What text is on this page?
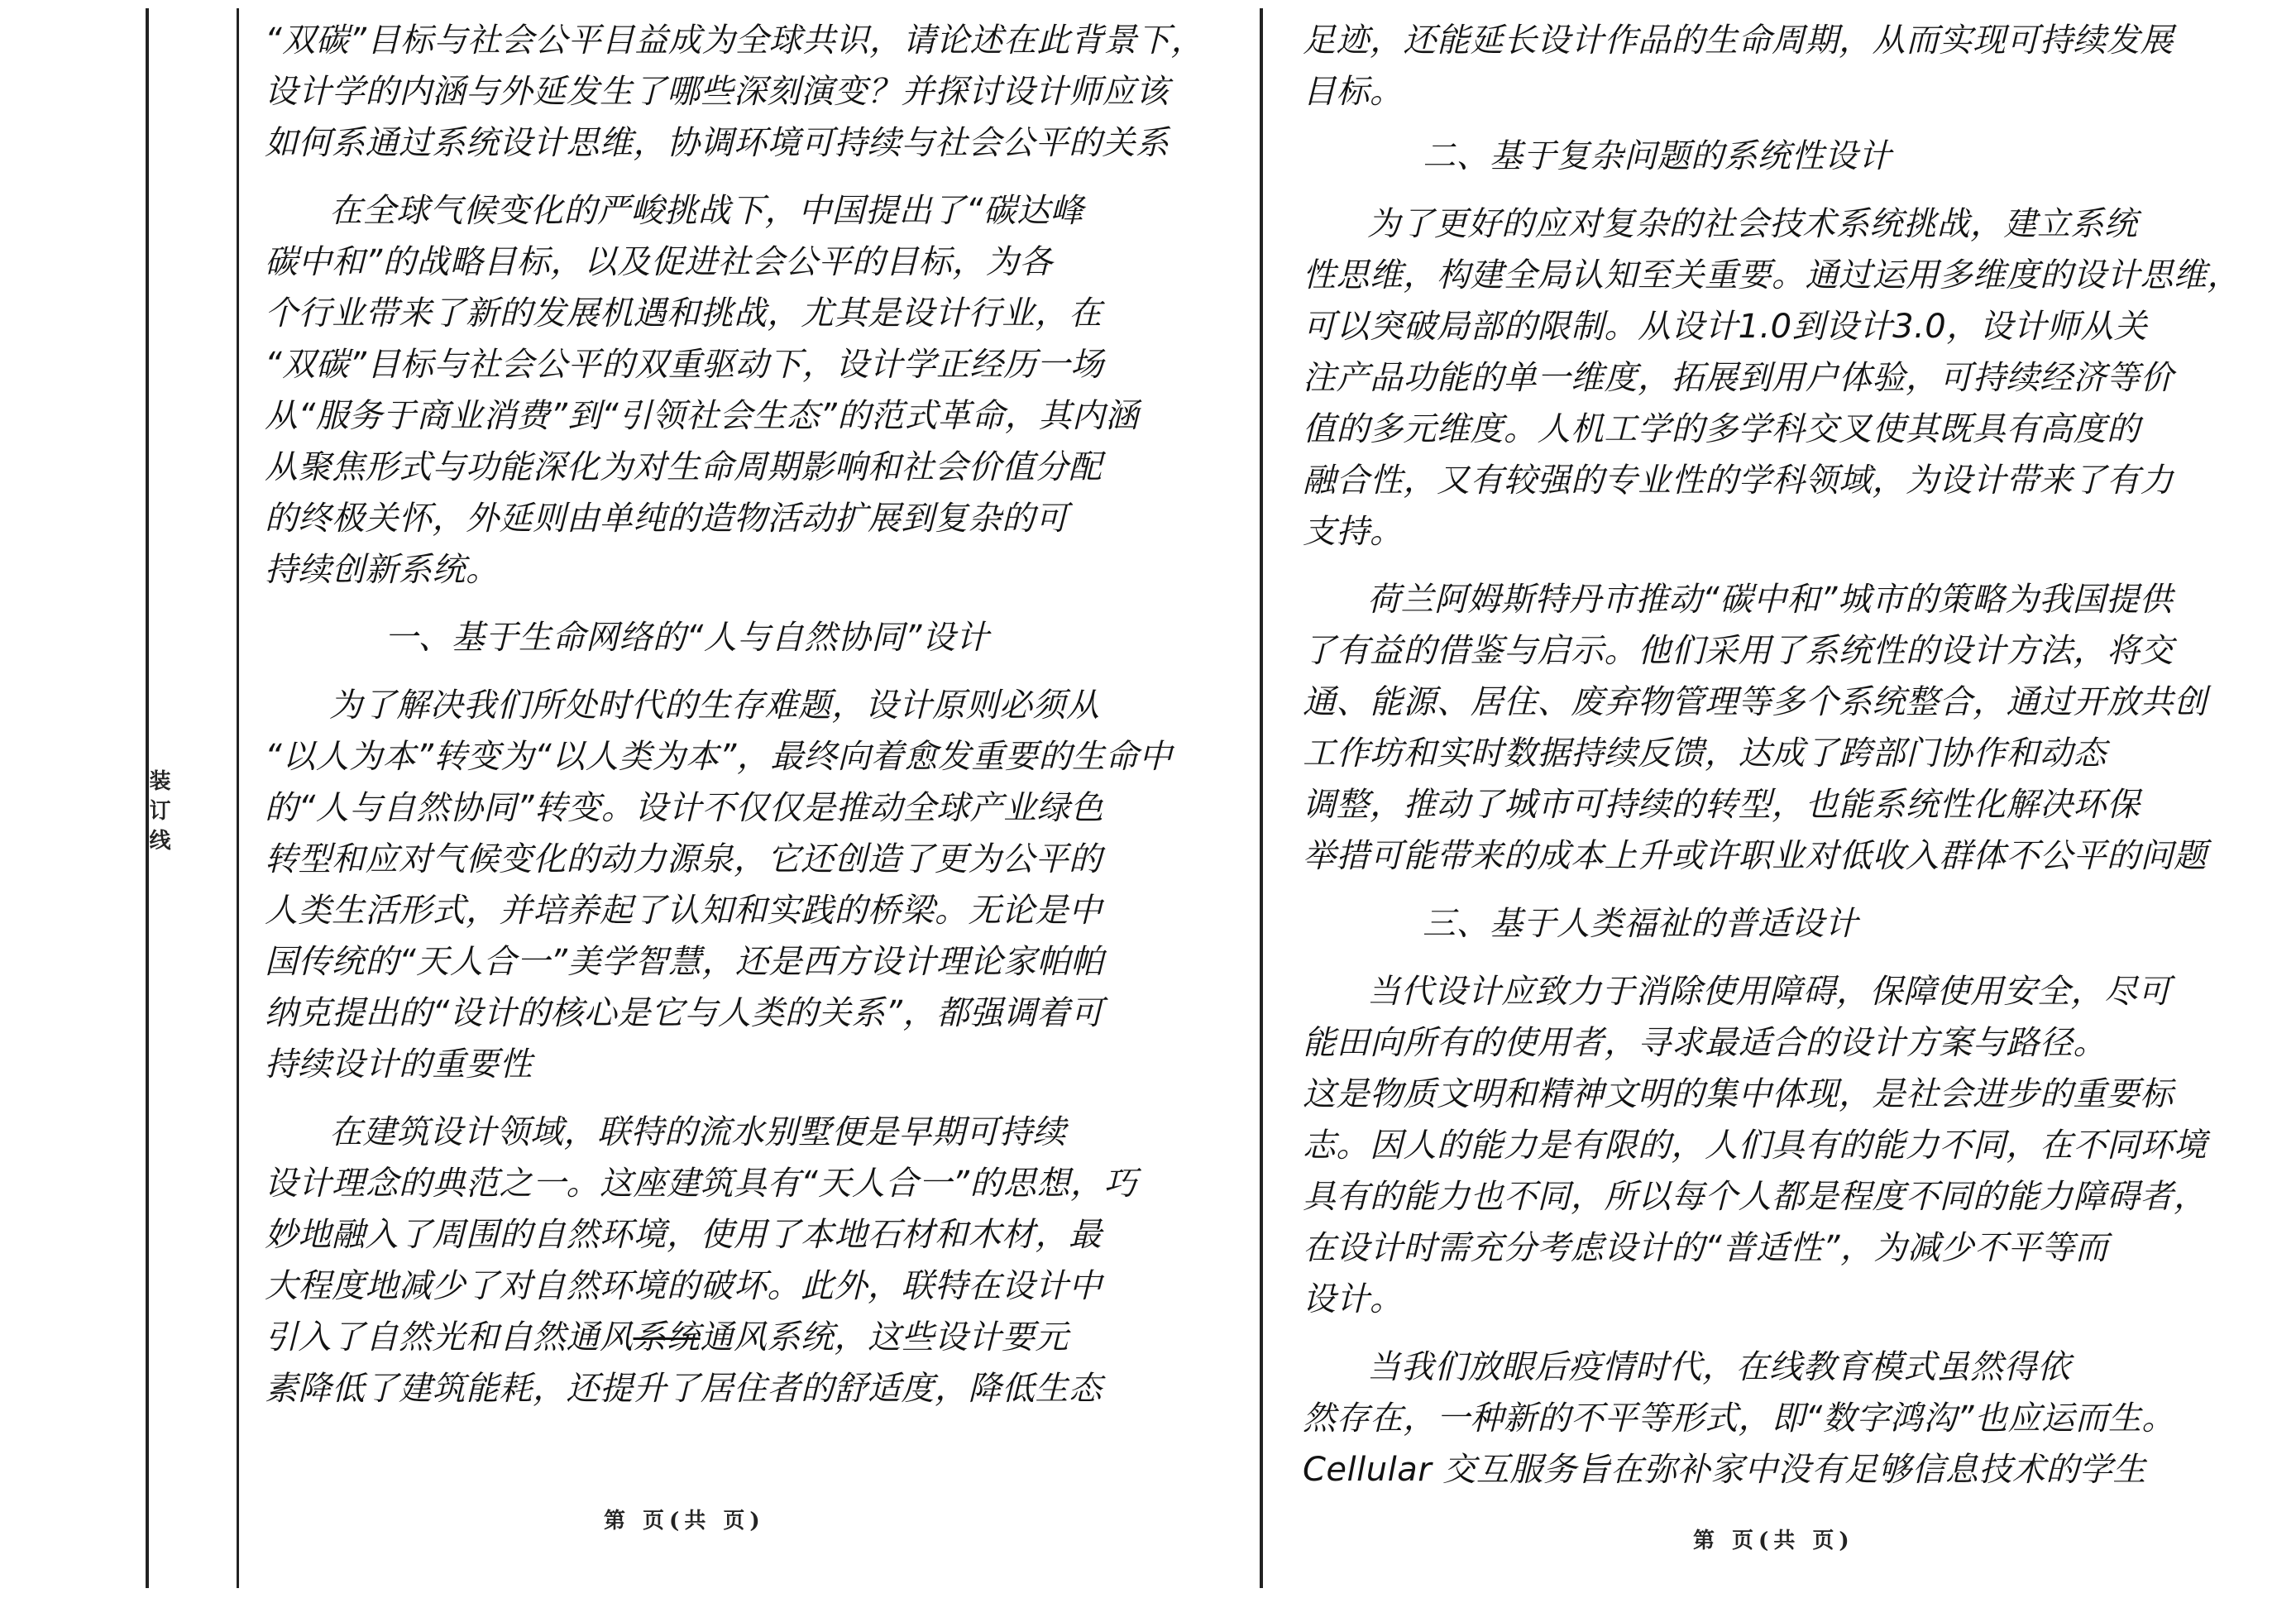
装订线
“双碳”目标与社会公平目益成为全球共识，请论述在此背景下，
设计学的内涵与外延发生了哪些深刻演变？并探讨设计师应该
如何系通过系统设计思维，协调环境可持续与社会公平的关系
在全球气候变化的严峻挑战下，中国提出了“碳达峰
碳中和”的战略目标，以及促进社会公平的目标，为各
个行业带来了新的发展机遇和挑战，尤其是设计行业，在
“双碳”目标与社会公平的双重驱动下，设计学正经历一场
从“服务于商业消费”到“引领社会生态”的范式革命，其内涵
从聚焦形式与功能深化为对生命周期影响和社会价值分配
的终极关怀，外延则由单纯的造物活动扩展到复杂的可
持续创新系统。
一、基于生命网络的“人与自然协同”设计
为了解决我们所处时代的生存难题，设计原则必须从
“以人为本”转变为“以人类为本”，最终向着愈发重要的生命中
的“人与自然协同”转变。设计不仅仅是推动全球产业绿色
转型和应对气候变化的动力源泉，它还创造了更为公平的
人类生活形式，并培养起了认知和实践的桥梁。无论是中
国传统的“天人合一”美学智慧，还是西方设计理论家帕帕
纳克提出的“设计的核心是它与人类的关系”，都强调着可
持续设计的重要性
在建筑设计领域，联特的流水别墅便是早期可持续
设计理念的典范之一。这座建筑具有“天人合一”的思想，巧
妙地融入了周围的自然环境，使用了本地石材和木材，最
大程度地减少了对自然环境的破坏。此外，联特在设计中
引入了自然光和自然通风系统通风系统，这些设计要元
素降低了建筑能耗，还提升了居住者的舒适度，降低生态
第 页(共 页)
足迹，还能延长设计作品的生命周期，从而实现可持续发展
目标。
二、基于复杂问题的系统性设计
为了更好的应对复杂的社会技术系统挑战，建立系统
性思维，构建全局认知至关重要。通过运用多维度的设计思维，
可以突破局部的限制。从设计1.0到设计3.0，设计师从关
注产品功能的单一维度，拓展到用户体验，可持续经济等价
值的多元维度。人机工学的多学科交叉使其既具有高度的
融合性，又有较强的专业性的学科领域，为设计带来了有力
支持。
荷兰阿姆斯特丹市推动“碳中和”城市的策略为我国提供
了有益的借鉴与启示。他们采用了系统性的设计方法，将交
通、能源、居住、废弃物管理等多个系统整合，通过开放共创
工作坊和实时数据持续反馈，达成了跨部门协作和动态
调整，推动了城市可持续的转型，也能系统性化解决环保
举措可能带来的成本上升或许职业对低收入群体不公平的问题
三、基于人类福祉的普适设计
当代设计应致力于消除使用障碍，保障使用安全，尽可
能田向所有的使用者，寻求最适合的设计方案与路径。
这是物质文明和精神文明的集中体现，是社会进步的重要标
志。因人的能力是有限的，人们具有的能力不同，在不同环境
具有的能力也不同，所以每个人都是程度不同的能力障碍者，
在设计时需充分考虑设计的“普适性”，为减少不平等而
设计。
当我们放眼后疫情时代，在线教育模式虽然得依
然存在，一种新的不平等形式，即“数字鸿沟”也应运而生。
Cellular 交互服务旨在弥补家中没有足够信息技术的学生
第 页(共 页)
